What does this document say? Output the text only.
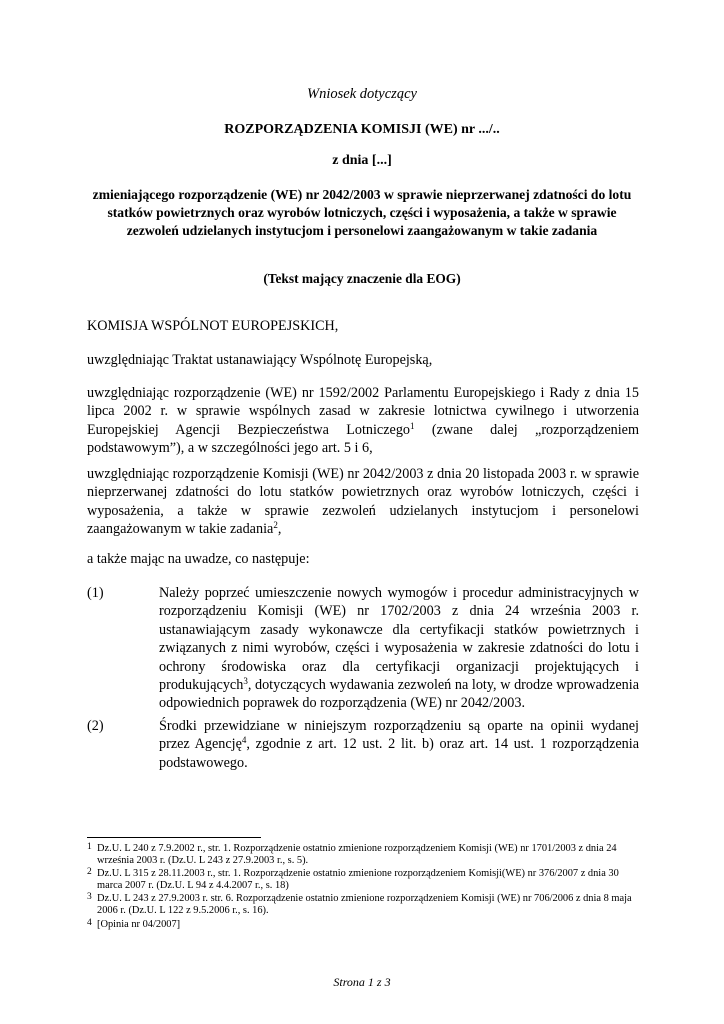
Wniosek dotyczący
ROZPORZĄDZENIA KOMISJI (WE) nr .../..
z dnia [...]
zmieniającego rozporządzenie (WE) nr 2042/2003 w sprawie nieprzerwanej zdatności do lotu statków powietrznych oraz wyrobów lotniczych, części i wyposażenia, a także w sprawie zezwoleń udzielanych instytucjom i personelowi zaangażowanym w takie zadania
(Tekst mający znaczenie dla EOG)
KOMISJA WSPÓLNOT EUROPEJSKICH,
uwzględniając Traktat ustanawiający Wspólnotę Europejską,
uwzględniając rozporządzenie (WE) nr 1592/2002 Parlamentu Europejskiego i Rady z dnia 15 lipca 2002 r. w sprawie wspólnych zasad w zakresie lotnictwa cywilnego i utworzenia Europejskiej Agencji Bezpieczeństwa Lotniczego$^1$ (zwane dalej „rozporządzeniem podstawowym”), a w szczególności jego art. 5 i 6,
uwzględniając rozporządzenie Komisji (WE) nr 2042/2003 z dnia 20 listopada 2003 r. w sprawie nieprzerwanej zdatności do lotu statków powietrznych oraz wyrobów lotniczych, części i wyposażenia, a także w sprawie zezwoleń udzielanych instytucjom i personelowi zaangażowanym w takie zadania$^2$,
a także mając na uwadze, co następuje:
(1)	Należy poprzeć umieszczenie nowych wymogów i procedur administracyjnych w rozporządzeniu Komisji (WE) nr 1702/2003 z dnia 24 września 2003 r. ustanawiającym zasady wykonawcze dla certyfikacji statków powietrznych i związanych z nimi wyrobów, części i wyposażenia w zakresie zdatności do lotu i ochrony środowiska oraz dla certyfikacji organizacji projektujących i produkujących$^3$, dotyczących wydawania zezwoleń na loty, w drodze wprowadzenia odpowiednich poprawek do rozporządzenia (WE) nr 2042/2003.
(2)	Środki przewidziane w niniejszym rozporządzeniu są oparte na opinii wydanej przez Agencję$^4$, zgodnie z art. 12 ust. 2 lit. b) oraz art. 14 ust. 1 rozporządzenia podstawowego.
1 Dz.U. L 240 z 7.9.2002 r., str. 1. Rozporządzenie ostatnio zmienione rozporządzeniem Komisji (WE) nr 1701/2003 z dnia 24 września 2003 r. (Dz.U. L 243 z 27.9.2003 r., s. 5).
2 Dz.U. L 315 z 28.11.2003 r., str. 1. Rozporządzenie ostatnio zmienione rozporządzeniem Komisji(WE) nr 376/2007 z dnia 30 marca 2007 r. (Dz.U. L 94 z 4.4.2007 r., s. 18)
3 Dz.U. L 243 z 27.9.2003 r. str. 6. Rozporządzenie ostatnio zmienione rozporządzeniem Komisji (WE) nr 706/2006 z dnia 8 maja 2006 r. (Dz.U. L 122 z 9.5.2006 r., s. 16).
4 [Opinia nr 04/2007]
Strona 1 z 3
